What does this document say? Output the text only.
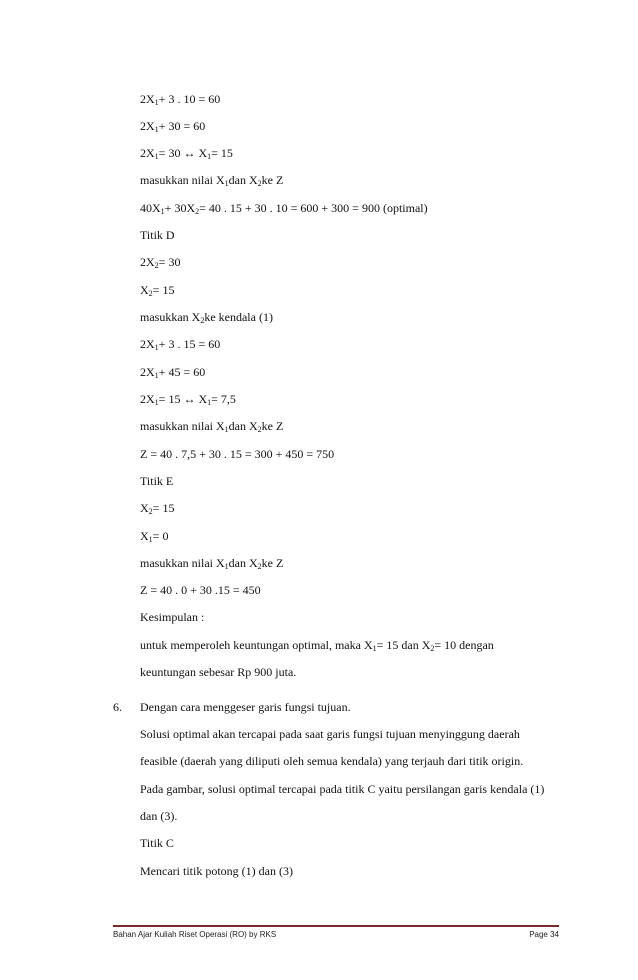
$2X_1+ 3$ . 10 = 60
$2X_1+ 30 = 60$
$2X_1= 30$ ↔ $X_1= 15$
masukkan nilai $X_1dan$ $X_2ke$ Z
$40X_1+ 30X_2= 40$ . 15 + 30 . 10 = 600 + 300 = 900 (optimal)
Titik D
$2X_2= 30$
$X_2= 15$
masukkan $X_2ke$ kendala (1)
$2X_1+ 3$ . 15 = 60
$2X_1+ 45 = 60$
$2X_1= 15$ ↔ $X_1= 7,5$
masukkan nilai $X_1dan$ $X_2ke$ Z
Z = 40 . 7,5 + 30 . 15 = 300 + 450 = 750
Titik E
$X_2= 15$
$X_1= 0$
masukkan nilai $X_1dan$ $X_2ke$ Z
Z = 40 . 0 + 30 .15 = 450
Kesimpulan :
untuk memperoleh keuntungan optimal, maka $X_1= 15$ dan $X_2= 10$ dengan
keuntungan sebesar Rp 900 juta.
Dengan cara menggeser garis fungsi tujuan.
Solusi optimal akan tercapai pada saat garis fungsi tujuan menyinggung daerah
feasible (daerah yang diliputi oleh semua kendala) yang terjauh dari titik origin.
Pada gambar, solusi optimal tercapai pada titik C yaitu persilangan garis kendala (1)
dan (3).
Titik C
Mencari titik potong (1) dan (3)
6.
Bahan Ajar Kuliah Riset Operasi (RO) by RKS	Page 34
